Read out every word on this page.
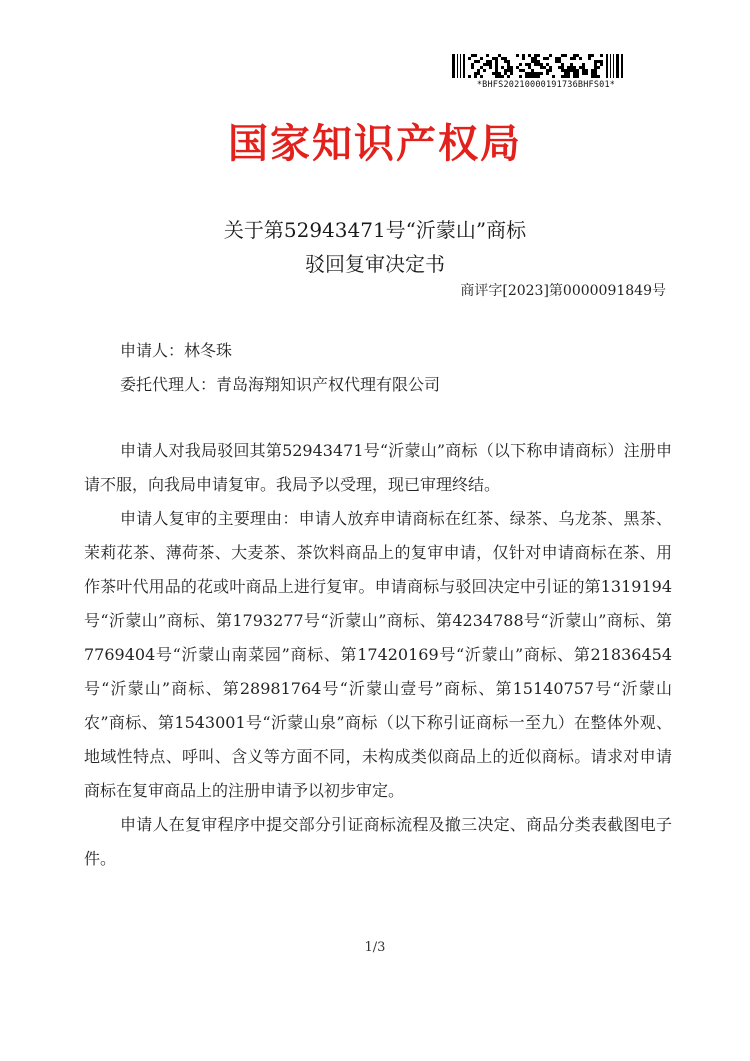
*BHFS20210000191736BHFS01*
国家知识产权局
关于第52943471号“沂蒙山”商标
驳回复审决定书
商评字[2023]第0000091849号
申请人：林冬珠
委托代理人：青岛海翔知识产权代理有限公司

申请人对我局驳回其第52943471号“沂蒙山”商标（以下称申请商标）注册申请不服，向我局申请复审。我局予以受理，现已审理终结。

申请人复审的主要理由：申请人放弃申请商标在红茶、绿茶、乌龙茶、黑茶、茉莉花茶、薄荷茶、大麦茶、茶饮料商品上的复审申请，仅针对申请商标在茶、用作茶叶代用品的花或叶商品上进行复审。申请商标与驳回决定中引证的第1319194号“沂蒙山”商标、第1793277号“沂蒙山”商标、第4234788号“沂蒙山”商标、第7769404号“沂蒙山南菜园”商标、第17420169号“沂蒙山”商标、第21836454号“沂蒙山”商标、第28981764号“沂蒙山壹号”商标、第15140757号“沂蒙山农”商标、第1543001号“沂蒙山泉”商标（以下称引证商标一至九）在整体外观、地域性特点、呼叫、含义等方面不同，未构成类似商品上的近似商标。请求对申请商标在复审商品上的注册申请予以初步审定。

申请人在复审程序中提交部分引证商标流程及撤三决定、商品分类表截图电子件。

1/3
